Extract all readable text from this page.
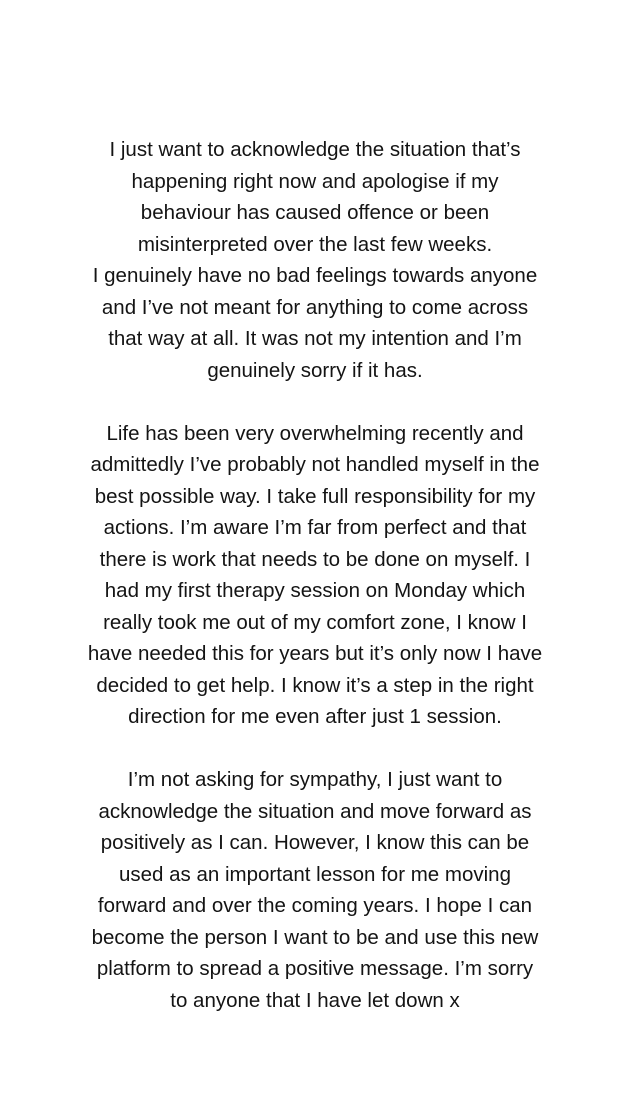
I just want to acknowledge the situation that’s
happening right now and apologise if my
behaviour has caused offence or been
misinterpreted over the last few weeks.
I genuinely have no bad feelings towards anyone
and I’ve not meant for anything to come across
that way at all. It was not my intention and I’m
genuinely sorry if it has.

Life has been very overwhelming recently and
admittedly I’ve probably not handled myself in the
best possible way. I take full responsibility for my
actions. I’m aware I’m far from perfect and that
there is work that needs to be done on myself. I
had my first therapy session on Monday which
really took me out of my comfort zone, I know I
have needed this for years but it’s only now I have
decided to get help. I know it’s a step in the right
direction for me even after just 1 session.

I’m not asking for sympathy, I just want to
acknowledge the situation and move forward as
positively as I can. However, I know this can be
used as an important lesson for me moving
forward and over the coming years. I hope I can
become the person I want to be and use this new
platform to spread a positive message. I’m sorry
to anyone that I have let down x
